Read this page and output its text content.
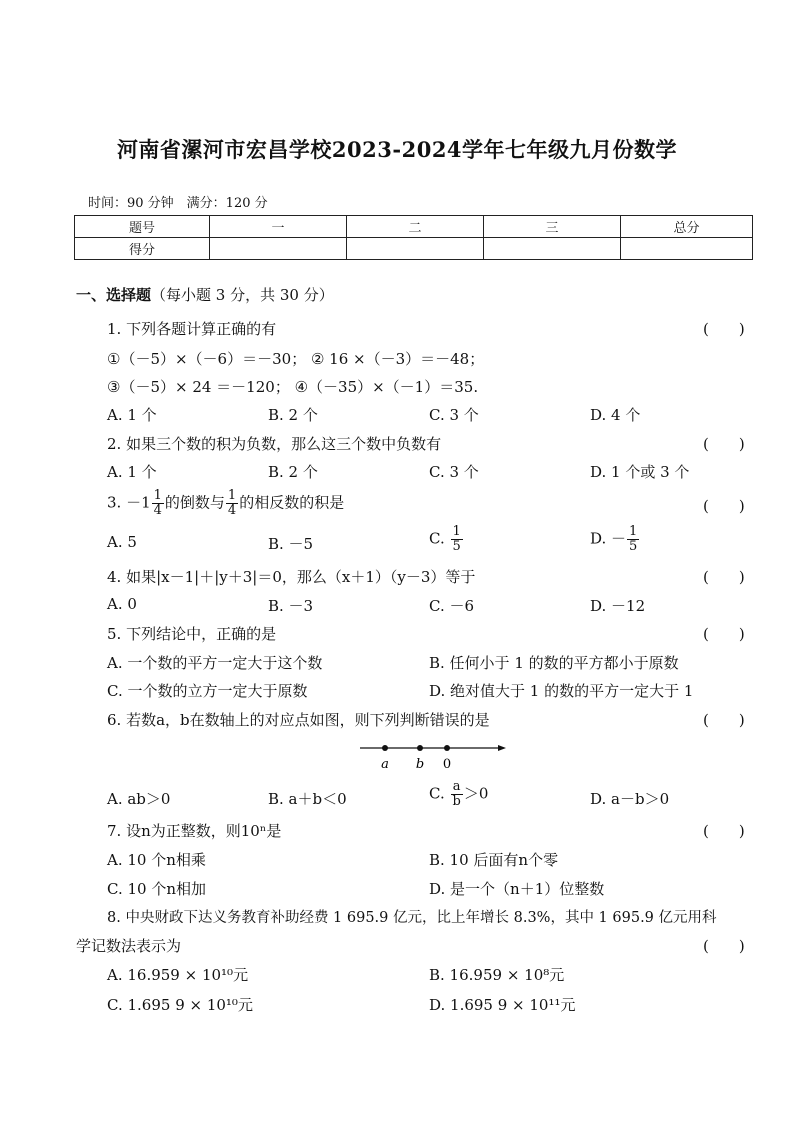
河南省漯河市宏昌学校2023-2024学年七年级九月份数学
时间：90 分钟　满分：120 分
题号	一	二	三	总分
得分				
一、选择题（每小题 3 分，共 30 分）
1. 下列各题计算正确的有	(　　)
①（－5）×（－6）＝－30； ② 16 ×（－3）＝－48；
③（－5）× 24 ＝－120； ④（－35）×（－1）＝35.
A. 1 个	B. 2 个	C. 3 个	D. 4 个
2. 如果三个数的积为负数，那么这三个数中负数有	(　　)
A. 1 个	B. 2 个	C. 3 个	D. 1 个或 3 个
3. $-1 \frac{1}{4}$ 的倒数与 $\frac{1}{4}$ 的相反数的积是	(　　)
A. 5	B. －5	C. $\frac{1}{5}$	D. － $\frac{1}{5}$
4. 如果|x－1|＋|y＋3|＝0，那么（x＋1）（y－3）等于	(　　)
A. 0	B. －3	C. －6	D. －12
5. 下列结论中，正确的是	(　　)
A. 一个数的平方一定大于这个数	B. 任何小于 1 的数的平方都小于原数
C. 一个数的立方一定大于原数	D. 绝对值大于 1 的数的平方一定大于 1
6. 若数a，b在数轴上的对应点如图，则下列判断错误的是	(　　)
a b 0
A. ab＞0	B. a＋b＜0	C. $\frac{a}{b} >0$	D. a－b＞0
7. 设n为正整数，则10ⁿ是	(　　)
A. 10 个n相乘	B. 10 后面有n个零
C. 10 个n相加	D. 是一个（n＋1）位整数
8. 中央财政下达义务教育补助经费 1 695.9 亿元，比上年增长 8.3%，其中 1 695.9 亿元用科
学记数法表示为	(　　)
A. 16.959 × 10¹⁰元	B. 16.959 × 10⁸元
C. 1.695 9 × 10¹⁰元	D. 1.695 9 × 10¹¹元
